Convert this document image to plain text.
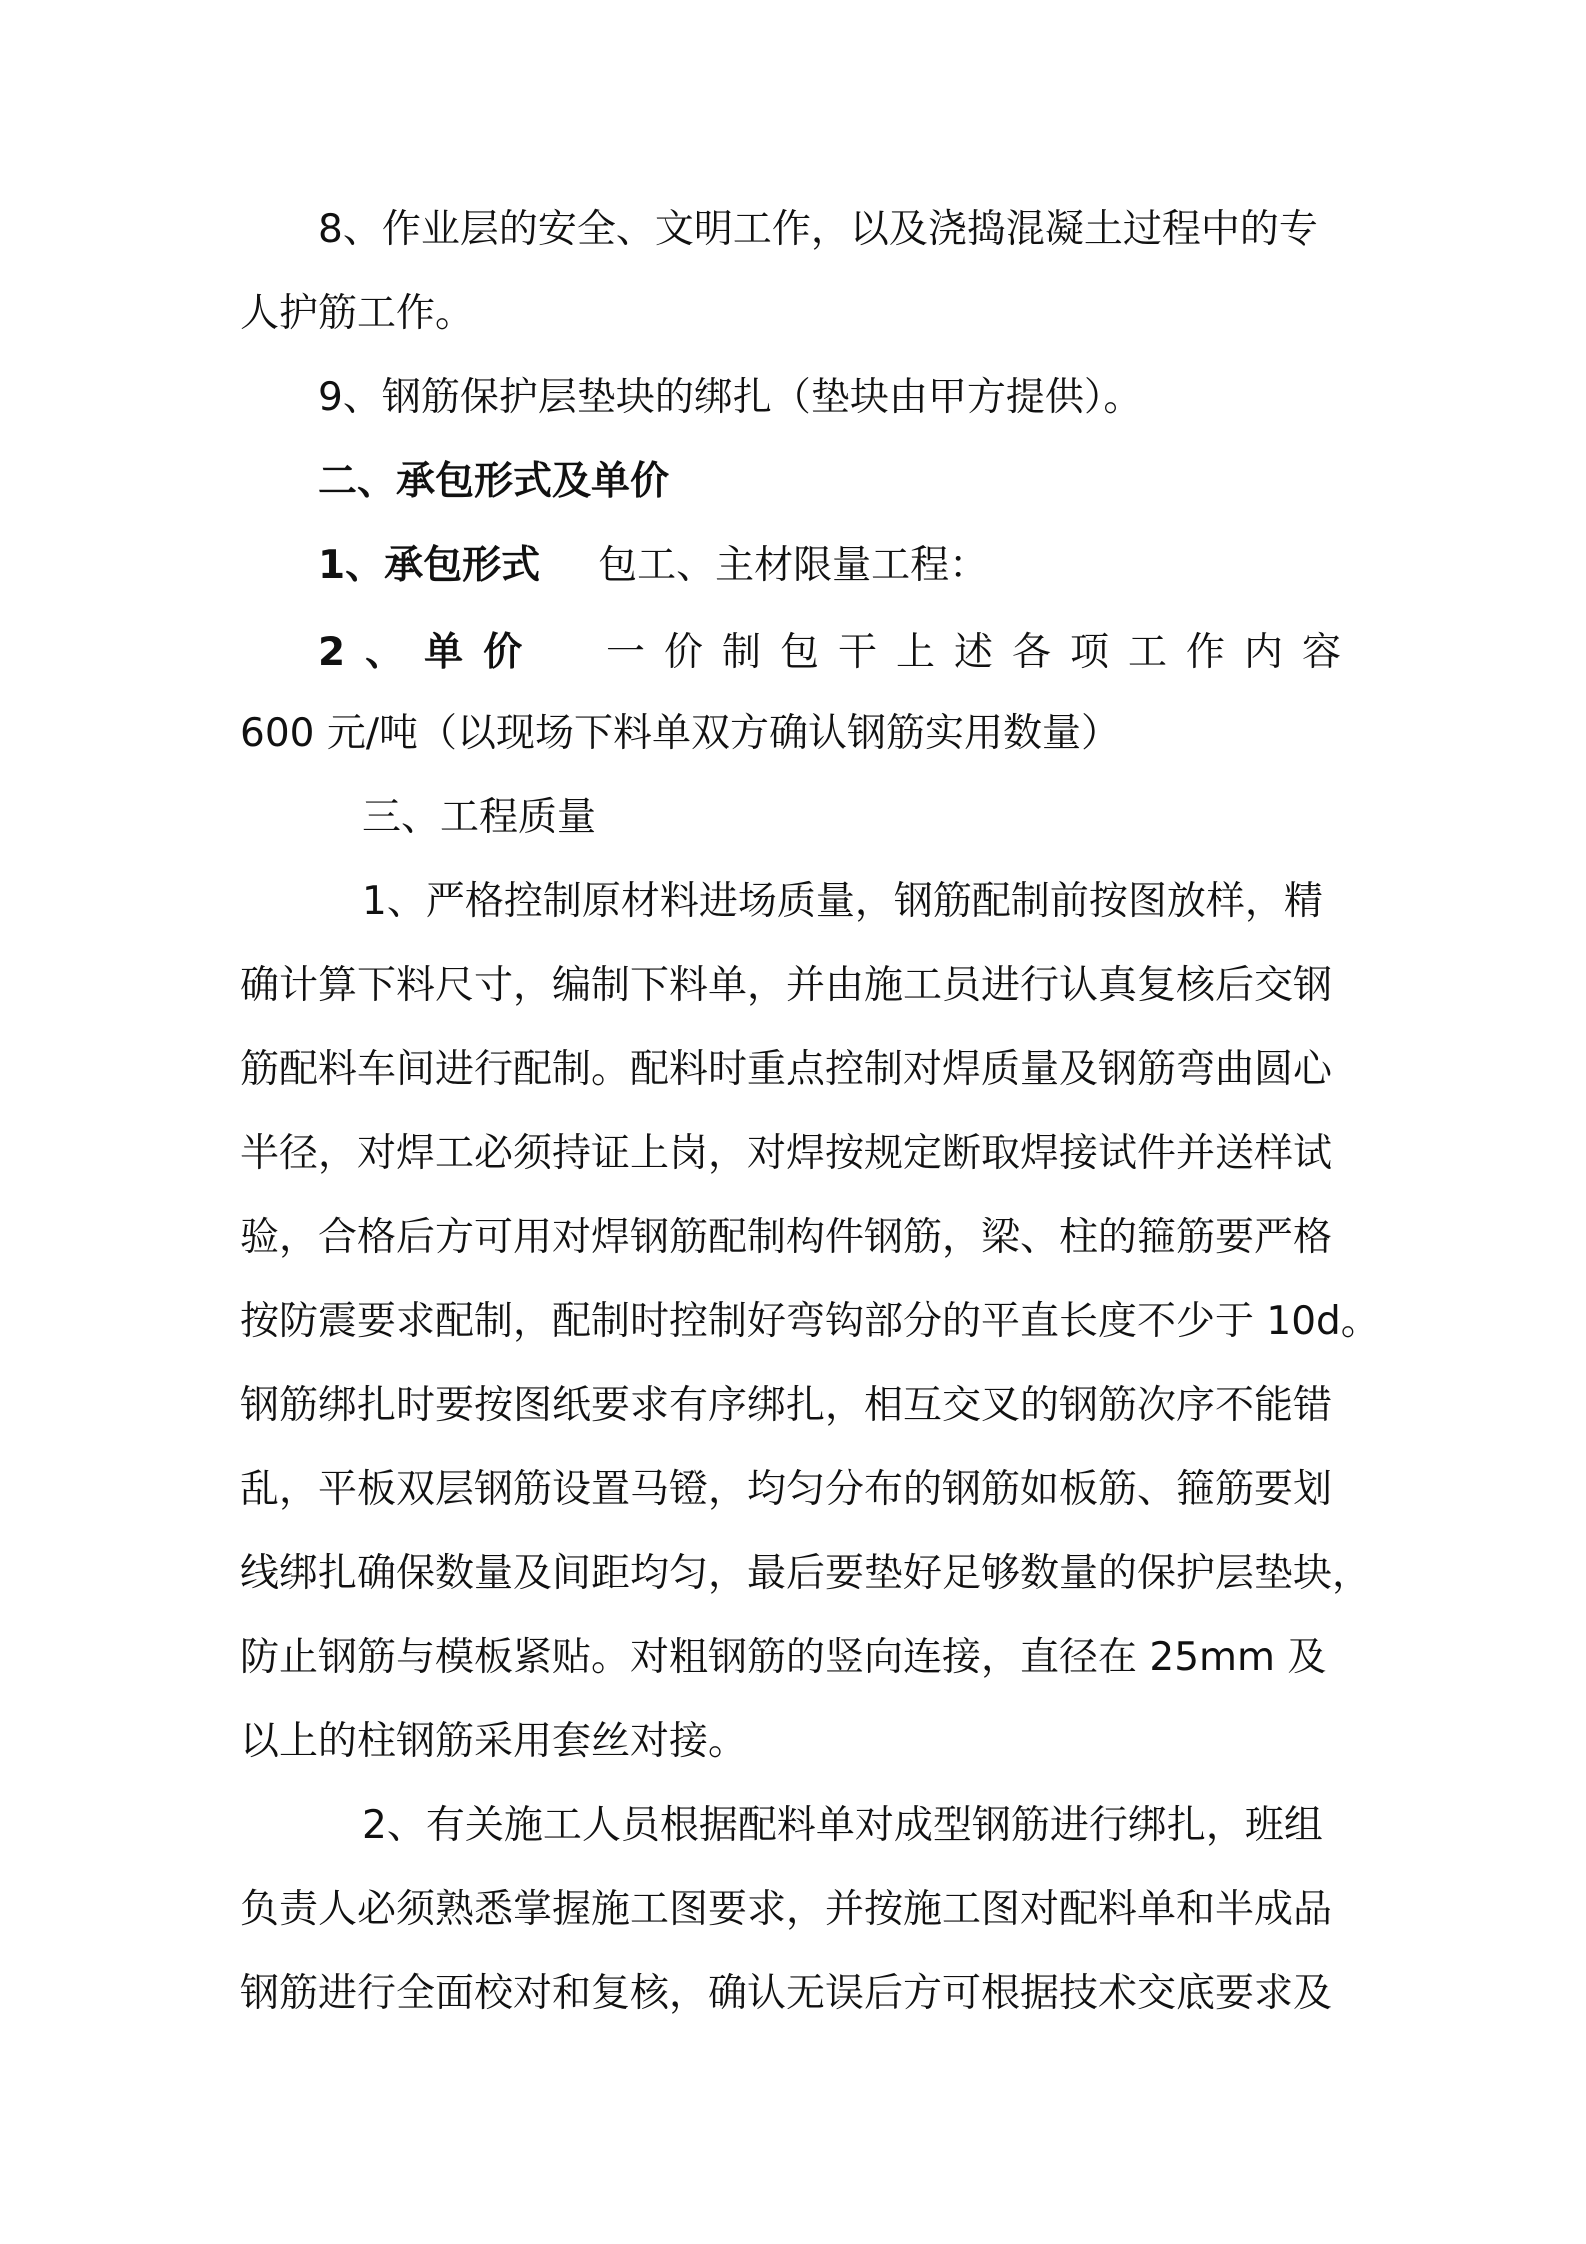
8、作业层的安全、文明工作，以及浇捣混凝土过程中的专
人护筋工作。
9、钢筋保护层垫块的绑扎（垫块由甲方提供）。
二、承包形式及单价
1、承包形式 包工、主材限量工程：
2、单价 一价制包干上述各项工作内容
600 元/吨（以现场下料单双方确认钢筋实用数量）
三、工程质量
1、严格控制原材料进场质量，钢筋配制前按图放样，精
确计算下料尺寸，编制下料单，并由施工员进行认真复核后交钢
筋配料车间进行配制。配料时重点控制对焊质量及钢筋弯曲圆心
半径，对焊工必须持证上岗，对焊按规定断取焊接试件并送样试
验，合格后方可用对焊钢筋配制构件钢筋，梁、柱的箍筋要严格
按防震要求配制，配制时控制好弯钩部分的平直长度不少于 10d。
钢筋绑扎时要按图纸要求有序绑扎，相互交叉的钢筋次序不能错
乱，平板双层钢筋设置马镫，均匀分布的钢筋如板筋、箍筋要划
线绑扎确保数量及间距均匀，最后要垫好足够数量的保护层垫块，
防止钢筋与模板紧贴。对粗钢筋的竖向连接，直径在 25mm 及
以上的柱钢筋采用套丝对接。
2、有关施工人员根据配料单对成型钢筋进行绑扎，班组
负责人必须熟悉掌握施工图要求，并按施工图对配料单和半成品
钢筋进行全面校对和复核，确认无误后方可根据技术交底要求及
